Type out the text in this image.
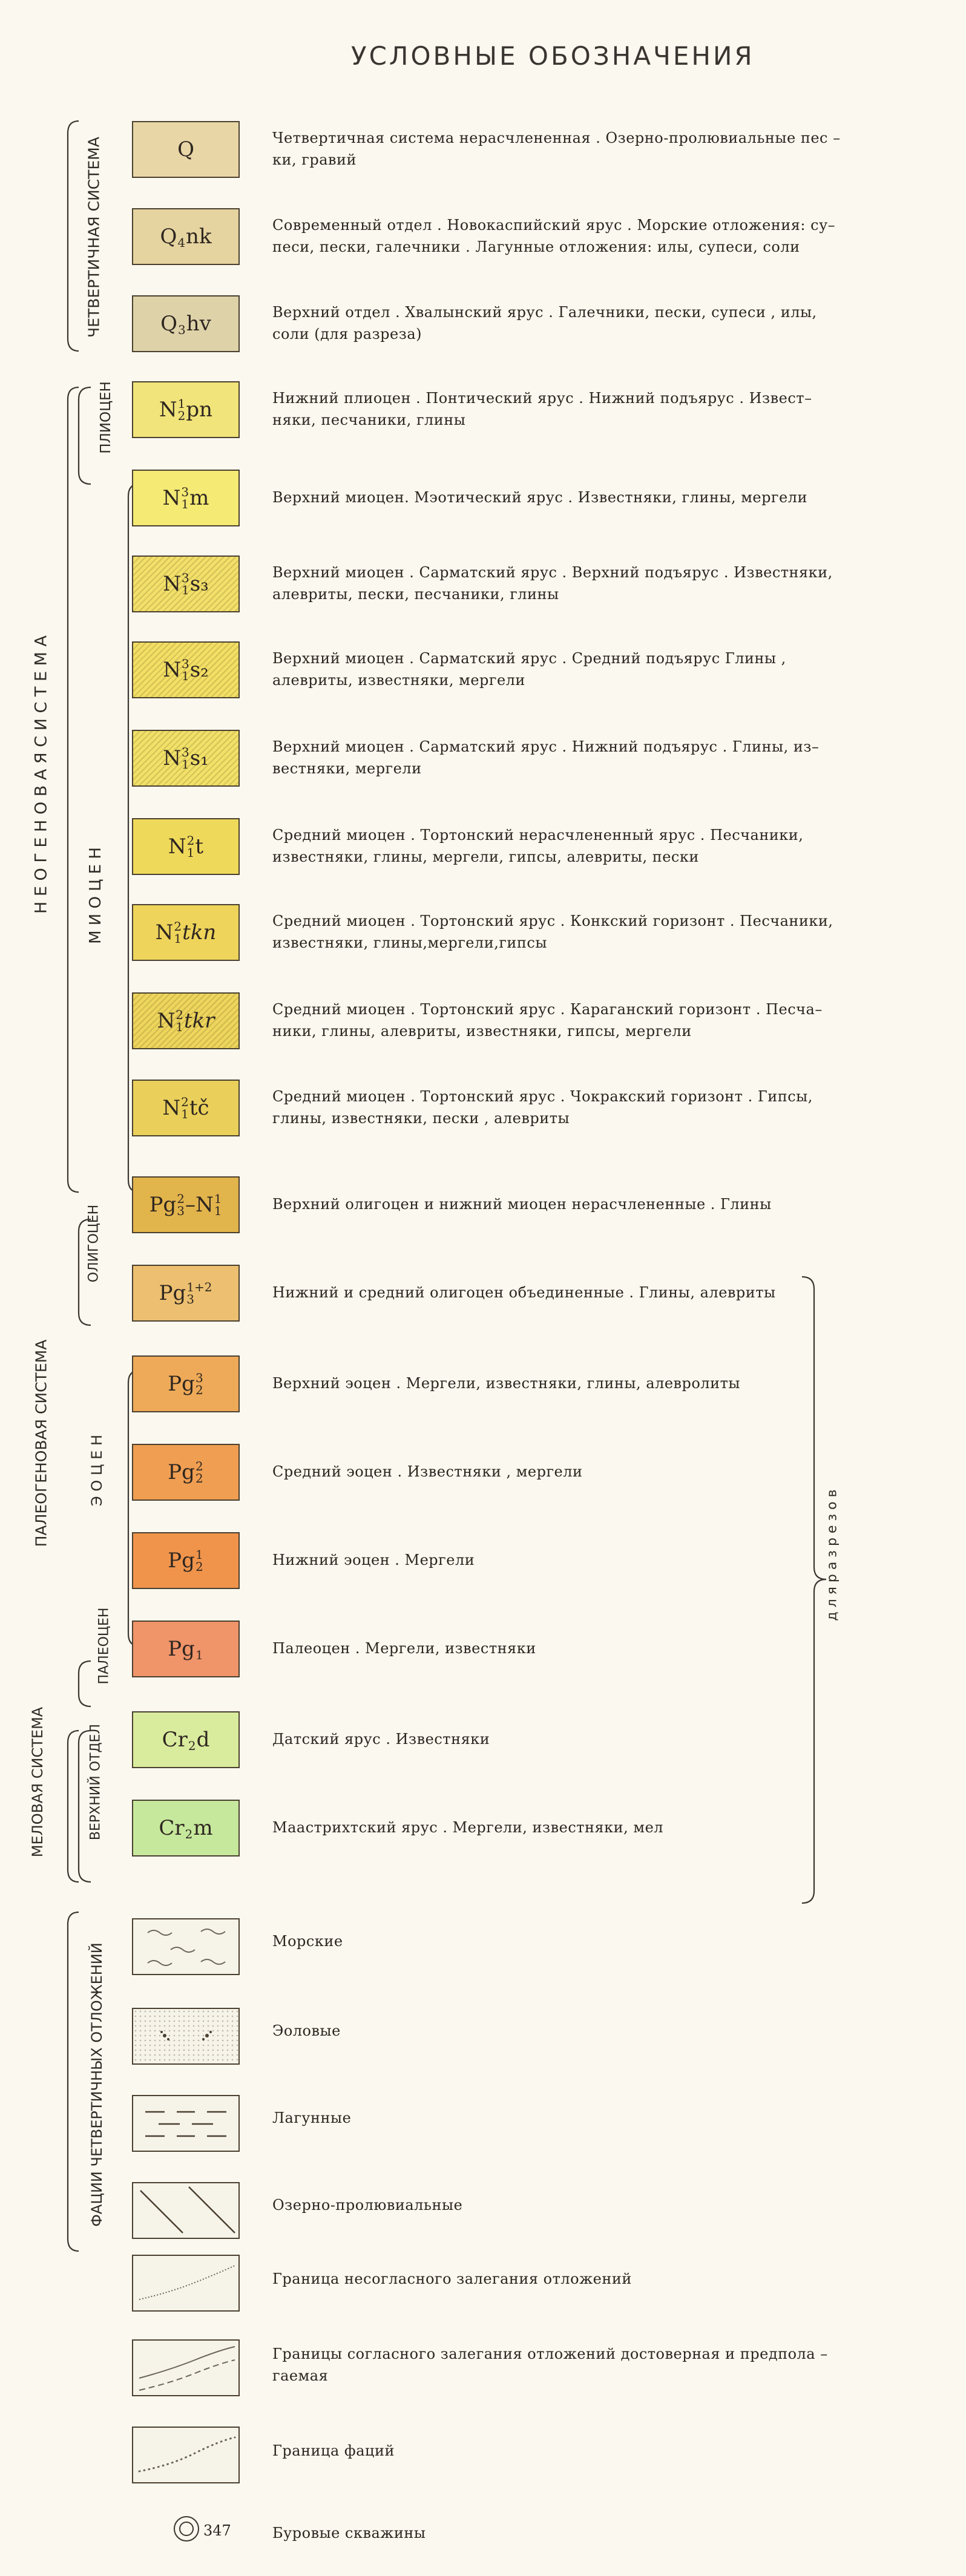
УСЛОВНЫЕ ОБОЗНАЧЕНИЯ
ЧЕТВЕРТИЧНАЯ СИСТЕМА
ПЛИОЦЕН
Н Е О Г Е Н О В А Я С И С Т Е М А М И О Ц Е Н
ОЛИГОЦЕН
ПАЛЕОГЕНОВАЯ СИСТЕМА	Э О Ц Е Н
ПАЛЕОЦЕН
МЕЛОВАЯ СИСТЕМА	ВЕРХНИЙ ОТДЕЛ
ФАЦИИ ЧЕТВЕРТИЧНЫХ ОТЛОЖЕНИЙ
д л я р а з р е з о в
Q	Четвертичная система нерасчлененная . Озерно-пролювиальные пес –
ки, гравий
Q
4 nk	Современный отдел . Новокаспийский ярус . Морские отложения: су–
песи, пески, галечники . Лагунные отложения: илы, супеси, соли
Q
3 hv	Верхний отдел . Хвалынский ярус . Галечники, пески, супеси , илы,
соли (для разреза)
N 1
2 pn	Нижний плиоцен . Понтический ярус . Нижний подъярус . Извест–
няки, песчаники, глины
N 3
1 m	Верхний миоцен. Мэотический ярус . Известняки, глины, мергели
N 3
1 s₃	Верхний миоцен . Сарматский ярус . Верхний подъярус . Известняки,
алевриты, пески, песчаники, глины
N 3
1 s₂	Верхний миоцен . Сарматский ярус . Средний подъярус Глины ,
алевриты, известняки, мергели
N 3
1 s₁	Верхний миоцен . Сарматский ярус . Нижний подъярус . Глины, из–
вестняки, мергели
N 2
1 t	Средний миоцен . Тортонский нерасчлененный ярус . Песчаники,
известняки, глины, мергели, гипсы, алевриты, пески
N 2
1 tkn	Средний миоцен . Тортонский ярус . Конкский горизонт . Песчаники,
известняки, глины,мергели,гипсы
N 2
1 tkr	Средний миоцен . Тортонский ярус . Караганский горизонт . Песча–
ники, глины, алевриты, известняки, гипсы, мергели
N 2
1 tč	Средний миоцен . Тортонский ярус . Чокракский горизонт . Гипсы,
глины, известняки, пески , алевриты
Pg 2
3 –N 1
1	Верхний олигоцен и нижний миоцен нерасчлененные . Глины
Pg 1+2
3	Нижний и средний олигоцен объединенные . Глины, алевриты
Pg 3
2	Верхний эоцен . Мергели, известняки, глины, алевролиты
Pg 2
2	Средний эоцен . Известняки , мергели
Pg 1
2	Нижний эоцен . Мергели
Pg
1	Палеоцен . Мергели, известняки
Cr
2 d	Датский ярус . Известняки
Cr
2 m	Маастрихтский ярус . Мергели, известняки, мел
Морские
Эоловые
Лагунные
Озерно-пролювиальные
Граница несогласного залегания отложений
Границы согласного залегания отложений достоверная и предпола –
гаемая
Граница фаций
347	Буровые скважины
